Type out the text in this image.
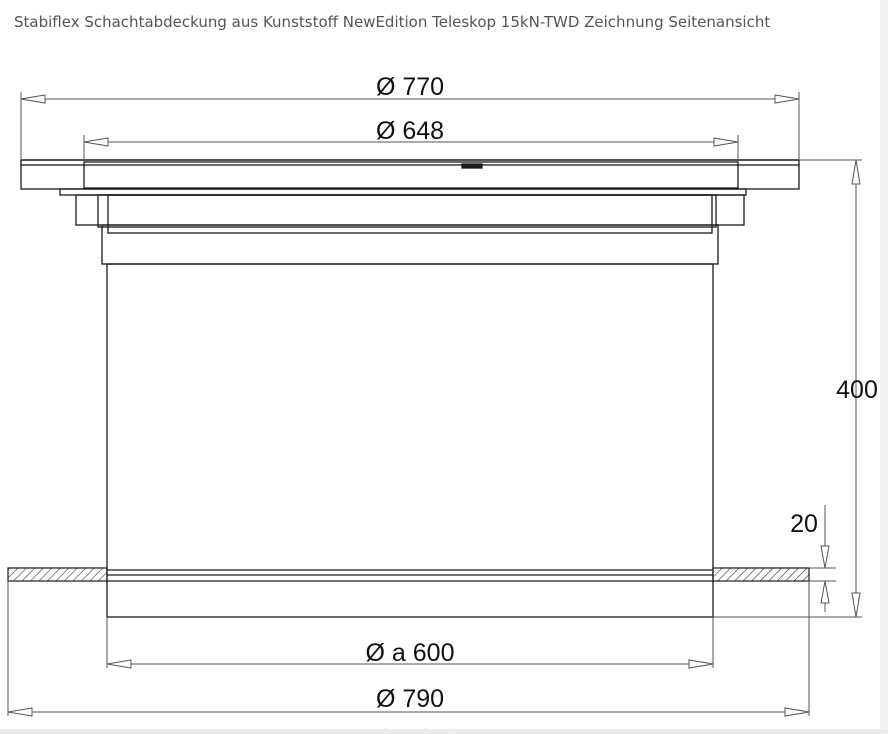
Stabiflex Schachtabdeckung aus Kunststoff NewEdition Teleskop 15kN-TWD Zeichnung Seitenansicht
Ø 770
Ø 648
400
20
Ø a 600
Ø 790
